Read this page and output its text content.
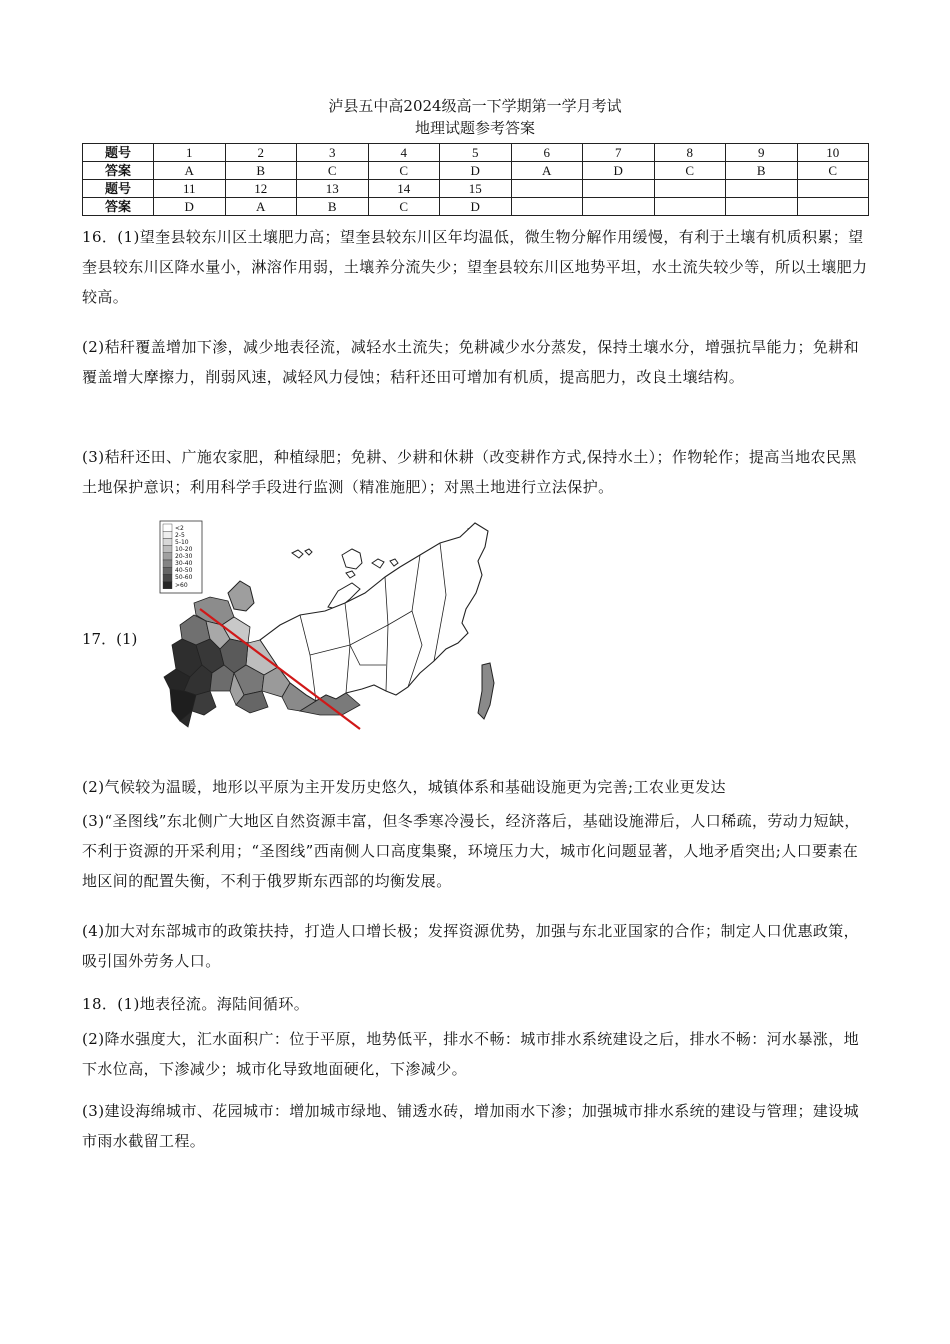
泸县五中高2024级高一下学期第一学月考试
地理试题参考答案
题号	1	2	3	4	5	6	7	8	9	10
答案	A	B	C	C	D	A	D	C	B	C
题号	11	12	13	14	15					
答案	D	A	B	C	D					

16．(1)望奎县较东川区土壤肥力高；望奎县较东川区年均温低，微生物分解作用缓慢，有利于土壤有机质积累；望奎县较东川区降水量小，淋溶作用弱，土壤养分流失少；望奎县较东川区地势平坦，水土流失较少等，所以土壤肥力较高。

(2)秸秆覆盖增加下渗，减少地表径流，减轻水土流失；免耕减少水分蒸发，保持土壤水分，增强抗旱能力；免耕和覆盖增大摩擦力，削弱风速，减轻风力侵蚀；秸秆还田可增加有机质，提高肥力，改良土壤结构。

(3)秸秆还田、广施农家肥，种植绿肥；免耕、少耕和休耕（改变耕作方式,保持水土）；作物轮作；提高当地农民黑土地保护意识；利用科学手段进行监测（精准施肥）；对黑土地进行立法保护。

17．(1)
<2
2-5
5-10
10-20
20-30
30-40
40-50
50-60
>60

(2)气候较为温暖，地形以平原为主开发历史悠久，城镇体系和基础设施更为完善;工农业更发达

(3)“圣图线”东北侧广大地区自然资源丰富，但冬季寒冷漫长，经济落后，基础设施滞后，人口稀疏，劳动力短缺，不利于资源的开采利用；“圣图线”西南侧人口高度集聚，环境压力大，城市化问题显著，人地矛盾突出;人口要素在地区间的配置失衡，不利于俄罗斯东西部的均衡发展。

(4)加大对东部城市的政策扶持，打造人口增长极；发挥资源优势，加强与东北亚国家的合作；制定人口优惠政策，吸引国外劳务人口。

18．(1)地表径流。海陆间循环。

(2)降水强度大，汇水面积广：位于平原，地势低平，排水不畅：城市排水系统建设之后，排水不畅：河水暴涨，地下水位高，下渗减少；城市化导致地面硬化，下渗减少。

(3)建设海绵城市、花园城市：增加城市绿地、铺透水砖，增加雨水下渗；加强城市排水系统的建设与管理；建设城市雨水截留工程。
